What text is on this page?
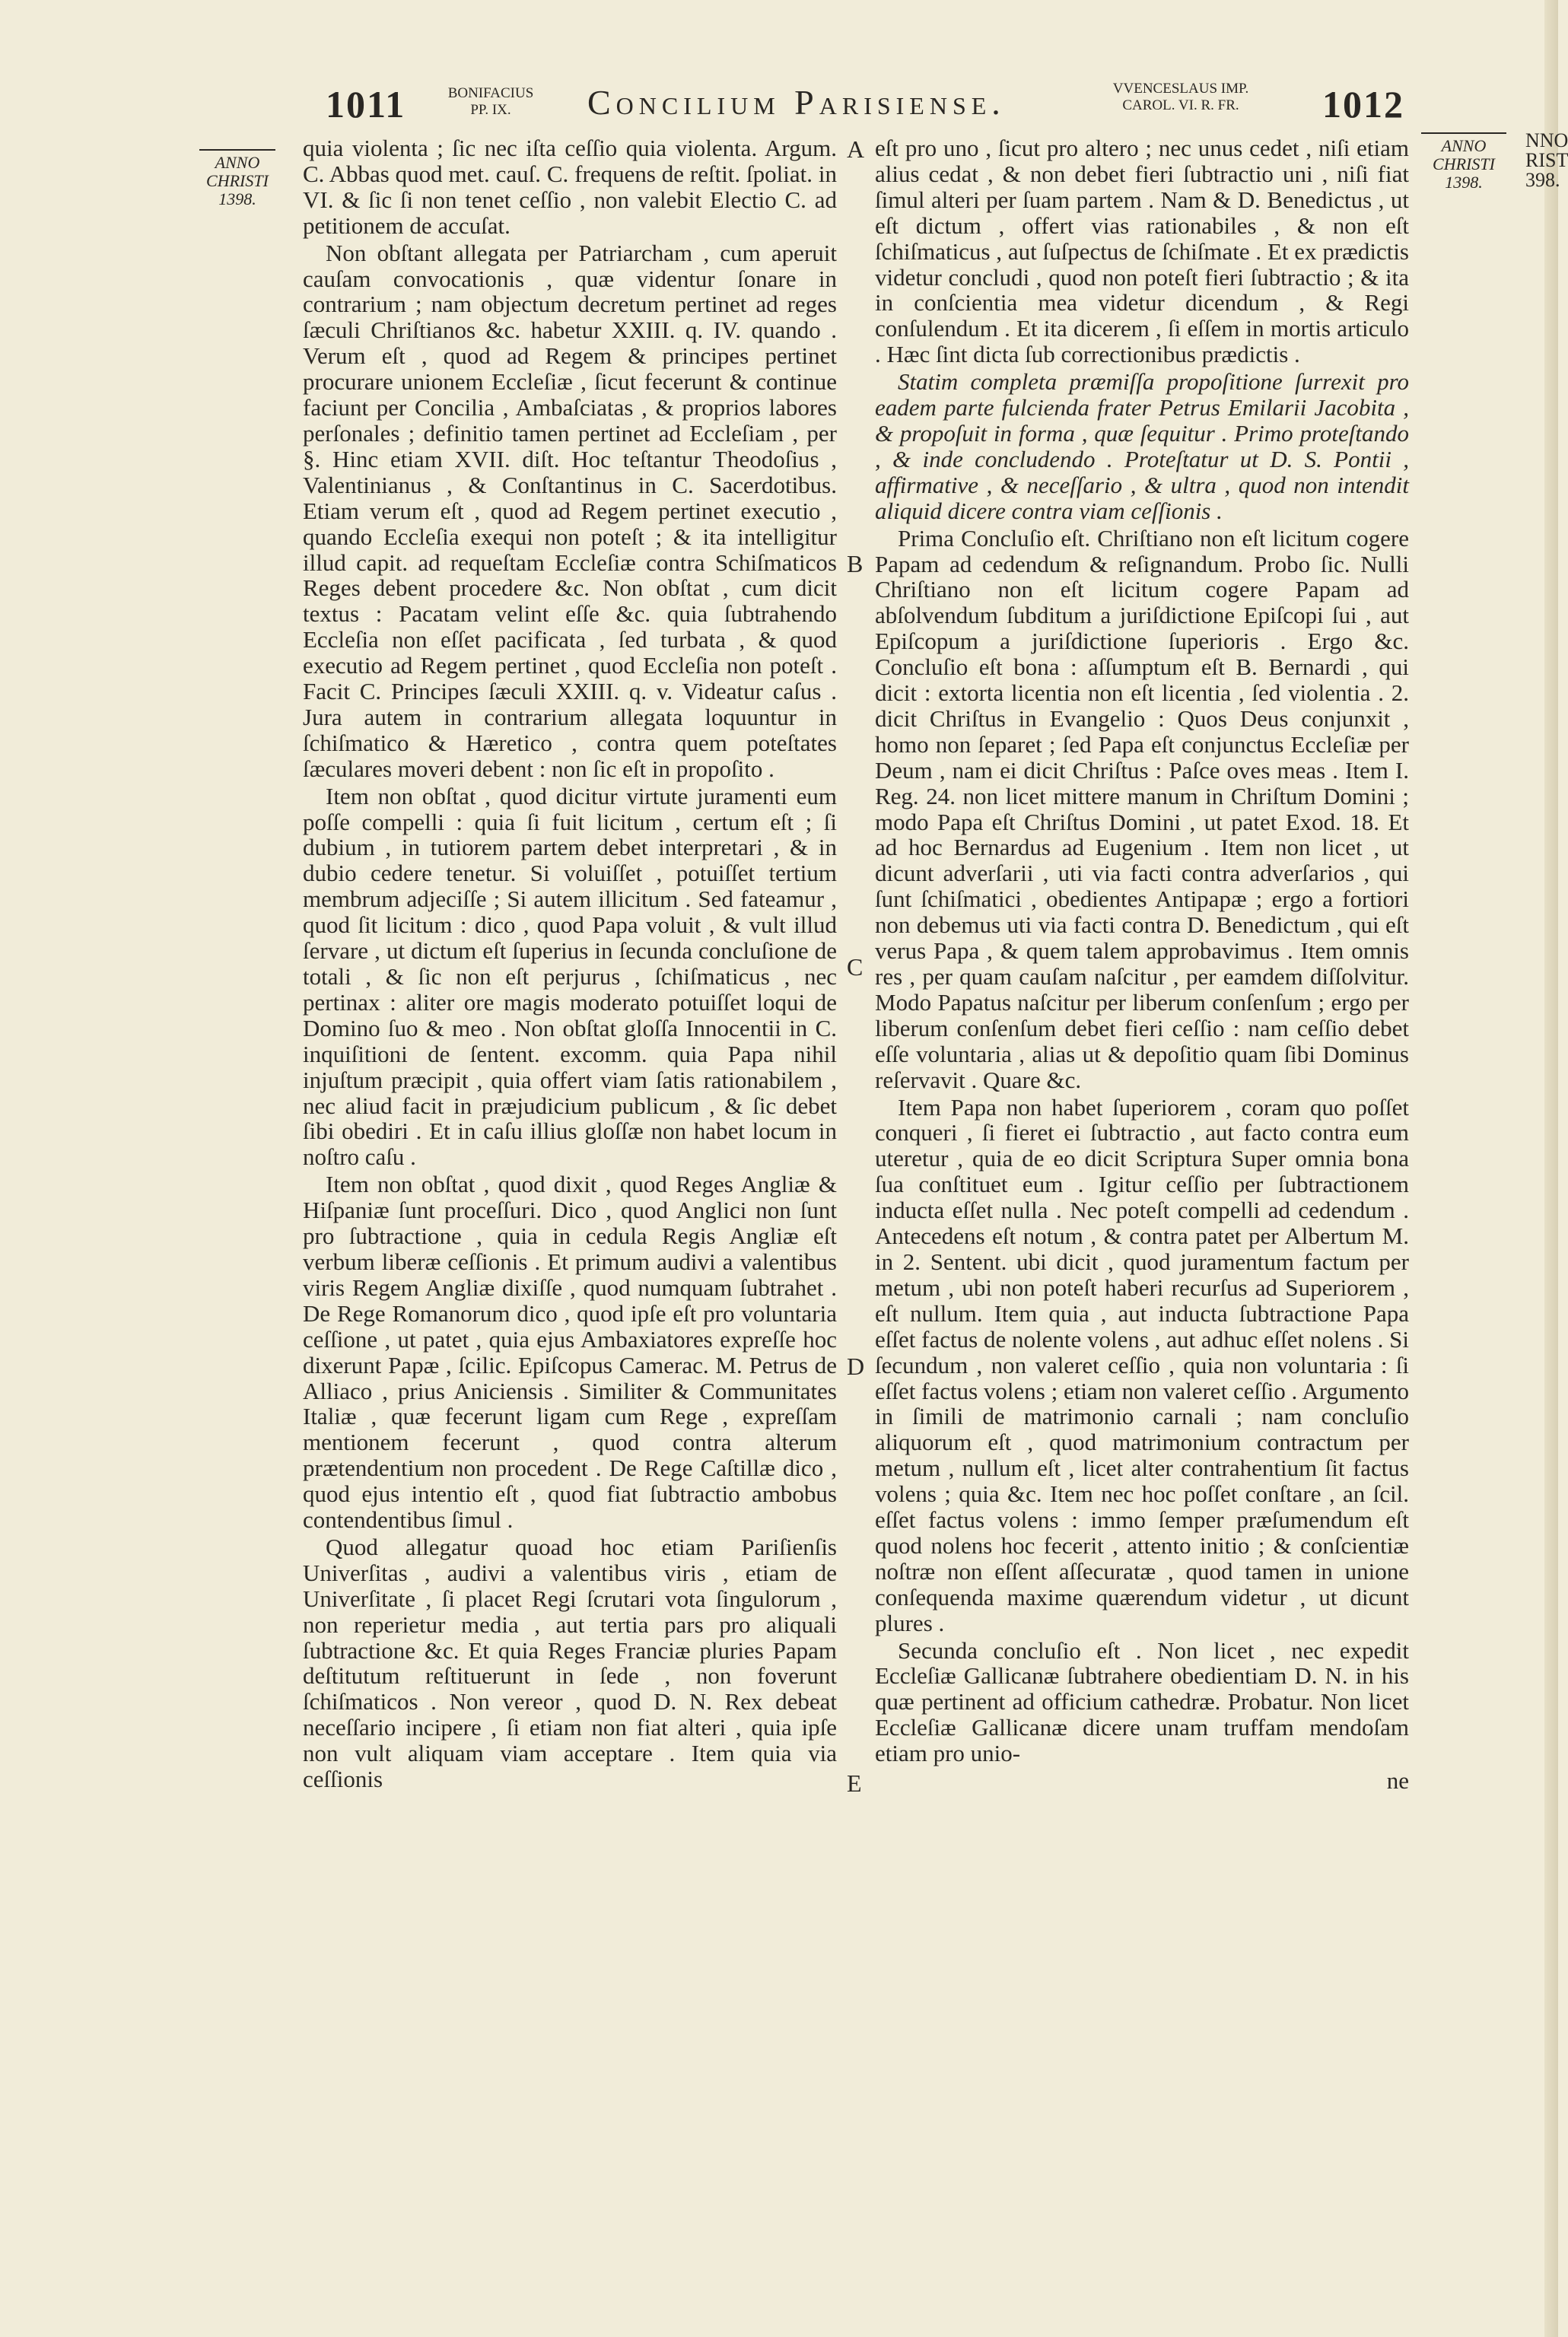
1011	BONIFACIUS
PP. IX.	Concilium Parisiense.	VVENCESLAUS IMP.
CAROL. VI. R. FR.	1012
ANNO
CHRISTI
1398.
ANNO
CHRISTI
1398.

quia violenta ; ſic nec iſta ceſſio quia violenta. Argum. C. Abbas quod met. cauſ. C. frequens de reſtit. ſpoliat. in VI. & ſic ſi non tenet ceſſio , non valebit Electio C. ad petitionem de accuſat.

Non obſtant allegata per Patriarcham , cum aperuit cauſam convocationis , quæ videntur ſonare in contrarium ; nam objectum decretum pertinet ad reges ſæculi Chriſtianos &c. habetur XXIII. q. IV. quando . Verum eſt , quod ad Regem & principes pertinet procurare unionem Eccleſiæ , ſicut fecerunt & continue faciunt per Concilia , Ambaſciatas , & proprios labores perſonales ; definitio tamen pertinet ad Eccleſiam , per §. Hinc etiam XVII. diſt. Hoc teſtantur Theodoſius , Valentinianus , & Conſtantinus in C. Sacerdotibus. Etiam verum eſt , quod ad Regem pertinet executio , quando Eccleſia exequi non poteſt ; & ita intelligitur illud capit. ad requeſtam Eccleſiæ contra Schiſmaticos Reges debent procedere &c. Non obſtat , cum dicit textus : Pacatam velint eſſe &c. quia ſubtrahendo Eccleſia non eſſet pacificata , ſed turbata , & quod executio ad Regem pertinet , quod Eccleſia non poteſt . Facit C. Principes ſæculi XXIII. q. v. Videatur caſus . Jura autem in contrarium allegata loquuntur in ſchiſmatico & Hæretico , contra quem poteſtates ſæculares moveri debent : non ſic eſt in propoſito .

Item non obſtat , quod dicitur virtute juramenti eum poſſe compelli : quia ſi fuit licitum , certum eſt ; ſi dubium , in tutiorem partem debet interpretari , & in dubio cedere tenetur. Si voluiſſet , potuiſſet tertium membrum adjeciſſe ; Si autem illicitum . Sed fateamur , quod ſit licitum : dico , quod Papa voluit , & vult illud ſervare , ut dictum eſt ſuperius in ſecunda concluſione de totali , & ſic non eſt perjurus , ſchiſmaticus , nec pertinax : aliter ore magis moderato potuiſſet loqui de Domino ſuo & meo . Non obſtat gloſſa Innocentii in C. inquiſitioni de ſentent. excomm. quia Papa nihil injuſtum præcipit , quia offert viam ſatis rationabilem , nec aliud facit in præjudicium publicum , & ſic debet ſibi obediri . Et in caſu illius gloſſæ non habet locum in noſtro caſu .

Item non obſtat , quod dixit , quod Reges Angliæ & Hiſpaniæ ſunt proceſſuri. Dico , quod Anglici non ſunt pro ſubtractione , quia in cedula Regis Angliæ eſt verbum liberæ ceſſionis . Et primum audivi a valentibus viris Regem Angliæ dixiſſe , quod numquam ſubtrahet . De Rege Romanorum dico , quod ipſe eſt pro voluntaria ceſſione , ut patet , quia ejus Ambaxiatores expreſſe hoc dixerunt Papæ , ſcilic. Epiſcopus Camerac. M. Petrus de Alliaco , prius Aniciensis . Similiter & Communitates Italiæ , quæ fecerunt ligam cum Rege , expreſſam mentionem fecerunt , quod contra alterum prætendentium non procedent . De Rege Caſtillæ dico , quod ejus intentio eſt , quod fiat ſubtractio ambobus contendentibus ſimul .

Quod allegatur quoad hoc etiam Pariſienſis Univerſitas , audivi a valentibus viris , etiam de Univerſitate , ſi placet Regi ſcrutari vota ſingulorum , non reperietur media , aut tertia pars pro aliquali ſubtractione &c. Et quia Reges Franciæ pluries Papam deſtitutum reſtituerunt in ſede , non foverunt ſchiſmaticos . Non vereor , quod D. N. Rex debeat neceſſario incipere , ſi etiam non fiat alteri , quia ipſe non vult aliquam viam acceptare . Item quia via ceſſionis

A
B
C
D
E

eſt pro uno , ſicut pro altero ; nec unus cedet , niſi etiam alius cedat , & non debet fieri ſubtractio uni , niſi fiat ſimul alteri per ſuam partem . Nam & D. Benedictus , ut eſt dictum , offert vias rationabiles , & non eſt ſchiſmaticus , aut ſuſpectus de ſchiſmate . Et ex prædictis videtur concludi , quod non poteſt fieri ſubtractio ; & ita in conſcientia mea videtur dicendum , & Regi conſulendum . Et ita dicerem , ſi eſſem in mortis articulo . Hæc ſint dicta ſub correctionibus prædictis .

Statim completa præmiſſa propoſitione ſurrexit pro eadem parte fulcienda frater Petrus Emilarii Jacobita , & propoſuit in forma , quæ ſequitur . Primo proteſtando , & inde concludendo . Proteſtatur ut D. S. Pontii , affirmative , & neceſſario , & ultra , quod non intendit aliquid dicere contra viam ceſſionis .

Prima Concluſio eſt. Chriſtiano non eſt licitum cogere Papam ad cedendum & reſignandum. Probo ſic. Nulli Chriſtiano non eſt licitum cogere Papam ad abſolvendum ſubditum a juriſdictione Epiſcopi ſui , aut Epiſcopum a juriſdictione ſuperioris . Ergo &c. Concluſio eſt bona : aſſumptum eſt B. Bernardi , qui dicit : extorta licentia non eſt licentia , ſed violentia . 2. dicit Chriſtus in Evangelio : Quos Deus conjunxit , homo non ſeparet ; ſed Papa eſt conjunctus Eccleſiæ per Deum , nam ei dicit Chriſtus : Paſce oves meas . Item I. Reg. 24. non licet mittere manum in Chriſtum Domini ; modo Papa eſt Chriſtus Domini , ut patet Exod. 18. Et ad hoc Bernardus ad Eugenium . Item non licet , ut dicunt adverſarii , uti via facti contra adverſarios , qui ſunt ſchiſmatici , obedientes Antipapæ ; ergo a fortiori non debemus uti via facti contra D. Benedictum , qui eſt verus Papa , & quem talem approbavimus . Item omnis res , per quam cauſam naſcitur , per eamdem diſſolvitur. Modo Papatus naſcitur per liberum conſenſum ; ergo per liberum conſenſum debet fieri ceſſio : nam ceſſio debet eſſe voluntaria , alias ut & depoſitio quam ſibi Dominus reſervavit . Quare &c.

Item Papa non habet ſuperiorem , coram quo poſſet conqueri , ſi fieret ei ſubtractio , aut facto contra eum uteretur , quia de eo dicit Scriptura Super omnia bona ſua conſtituet eum . Igitur ceſſio per ſubtractionem inducta eſſet nulla . Nec poteſt compelli ad cedendum . Antecedens eſt notum , & contra patet per Albertum M. in 2. Sentent. ubi dicit , quod juramentum factum per metum , ubi non poteſt haberi recurſus ad Superiorem , eſt nullum. Item quia , aut inducta ſubtractione Papa eſſet factus de nolente volens , aut adhuc eſſet nolens . Si ſecundum , non valeret ceſſio , quia non voluntaria : ſi eſſet factus volens ; etiam non valeret ceſſio . Argumento in ſimili de matrimonio carnali ; nam concluſio aliquorum eſt , quod matrimonium contractum per metum , nullum eſt , licet alter contrahentium ſit factus volens ; quia &c. Item nec hoc poſſet conſtare , an ſcil. eſſet factus volens : immo ſemper præſumendum eſt quod nolens hoc fecerit , attento initio ; & conſcientiæ noſtræ non eſſent aſſecuratæ , quod tamen in unione conſequenda maxime quærendum videtur , ut dicunt plures .

Secunda concluſio eſt . Non licet , nec expedit Eccleſiæ Gallicanæ ſubtrahere obedientiam D. N. in his quæ pertinent ad officium cathedræ. Probatur. Non licet Eccleſiæ Gallicanæ dicere unam truffam mendoſam etiam pro unio-

ne
NNO
RIST
398.
